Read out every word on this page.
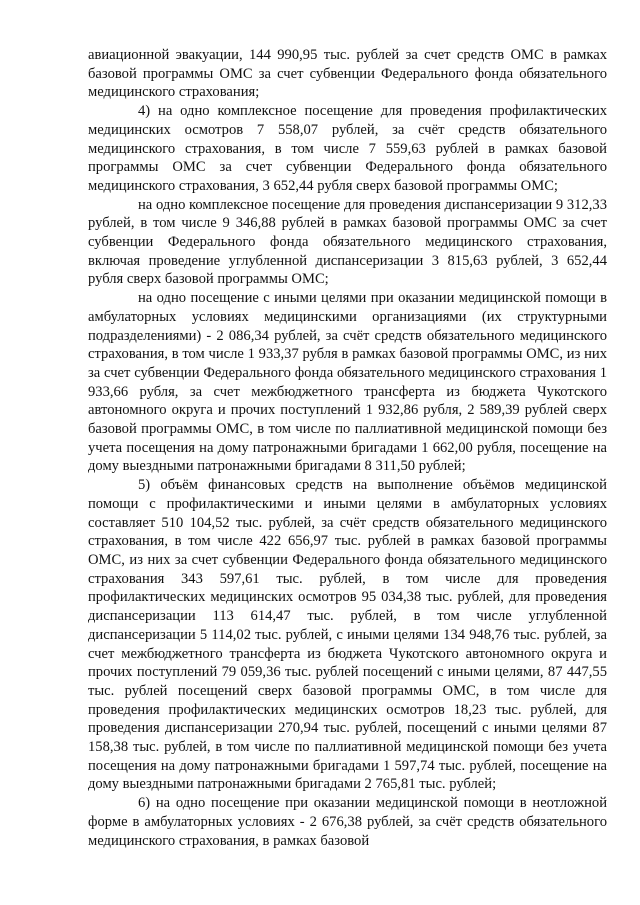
авиационной эвакуации, 144 990,95 тыс. рублей за счет средств ОМС в рамках базовой программы ОМС за счет субвенции Федерального фонда обязательного медицинского страхования;

4) на одно комплексное посещение для проведения профилактических медицинских осмотров 7 558,07 рублей, за счёт средств обязательного медицинского страхования, в том числе 7 559,63 рублей в рамках базовой программы ОМС за счет субвенции Федерального фонда обязательного медицинского страхования, 3 652,44 рубля сверх базовой программы ОМС;

на одно комплексное посещение для проведения диспансеризации 9 312,33 рублей, в том числе 9 346,88 рублей в рамках базовой программы ОМС за счет субвенции Федерального фонда обязательного медицинского страхования, включая проведение углубленной диспансеризации 3 815,63 рублей, 3 652,44 рубля сверх базовой программы ОМС;

на одно посещение с иными целями при оказании медицинской помощи в амбулаторных условиях медицинскими организациями (их структурными подразделениями) - 2 086,34 рублей, за счёт средств обязательного медицинского страхования, в том числе 1 933,37 рубля в рамках базовой программы ОМС, из них за счет субвенции Федерального фонда обязательного медицинского страхования 1 933,66 рубля, за счет межбюджетного трансферта из бюджета Чукотского автономного округа и прочих поступлений 1 932,86 рубля, 2 589,39 рублей сверх базовой программы ОМС, в том числе по паллиативной медицинской помощи без учета посещения на дому патронажными бригадами 1 662,00 рубля, посещение на дому выездными патронажными бригадами 8 311,50 рублей;

5) объём финансовых средств на выполнение объёмов медицинской помощи с профилактическими и иными целями в амбулаторных условиях составляет 510 104,52 тыс. рублей, за счёт средств обязательного медицинского страхования, в том числе 422 656,97 тыс. рублей в рамках базовой программы ОМС, из них за счет субвенции Федерального фонда обязательного медицинского страхования 343 597,61 тыс. рублей, в том числе для проведения профилактических медицинских осмотров 95 034,38 тыс. рублей, для проведения диспансеризации 113 614,47 тыс. рублей, в том числе углубленной диспансеризации 5 114,02 тыс. рублей, с иными целями 134 948,76 тыс. рублей, за счет межбюджетного трансферта из бюджета Чукотского автономного округа и прочих поступлений 79 059,36 тыс. рублей посещений с иными целями, 87 447,55 тыс. рублей посещений сверх базовой программы ОМС, в том числе для проведения профилактических медицинских осмотров 18,23 тыс. рублей, для проведения диспансеризации 270,94 тыс. рублей, посещений с иными целями 87 158,38 тыс. рублей, в том числе по паллиативной медицинской помощи без учета посещения на дому патронажными бригадами 1 597,74 тыс. рублей, посещение на дому выездными патронажными бригадами 2 765,81 тыс. рублей;

6) на одно посещение при оказании медицинской помощи в неотложной форме в амбулаторных условиях - 2 676,38 рублей, за счёт средств обязательного медицинского страхования, в рамках базовой
